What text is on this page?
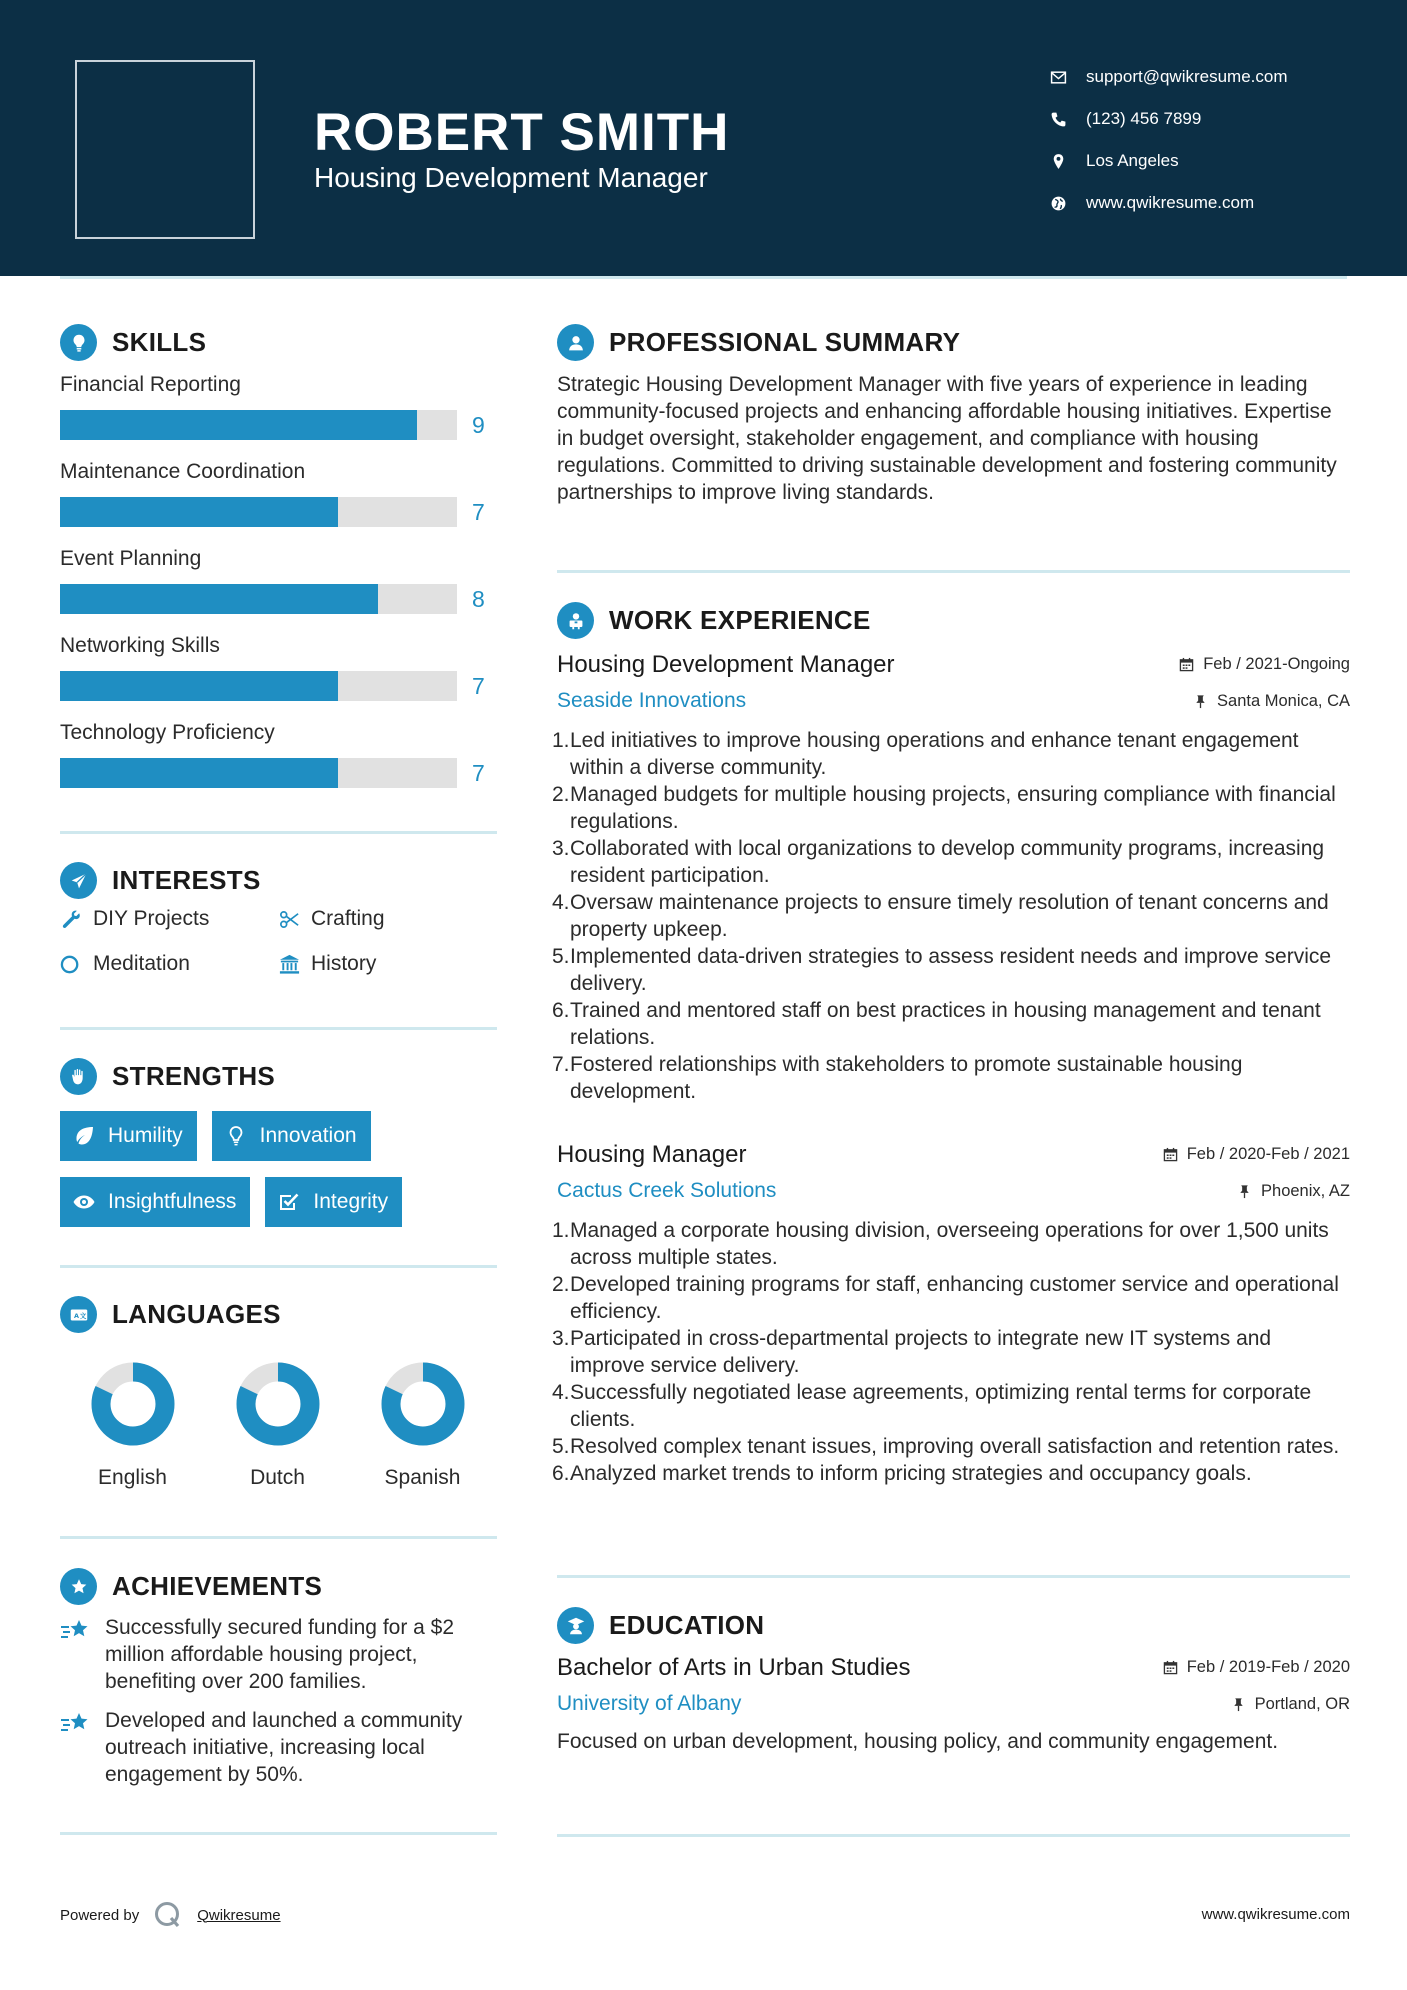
ROBERT SMITH
Housing Development Manager
support@qwikresume.com
(123) 456 7899
Los Angeles
www.qwikresume.com
SKILLS
Financial Reporting
9
Maintenance Coordination
7
Event Planning
8
Networking Skills
7
Technology Proficiency
7
INTERESTS
DIY Projects	Crafting
Meditation	History
STRENGTHS
Humility	Innovation
Insightfulness	Integrity
A 文 LANGUAGES
English	Dutch	Spanish
ACHIEVEMENTS
Successfully secured funding for a $2 million affordable housing project, benefiting over 200 families.
Developed and launched a community outreach initiative, increasing local engagement by 50%.
PROFESSIONAL SUMMARY
Strategic Housing Development Manager with five years of experience in leading community-focused projects and enhancing affordable housing initiatives. Expertise in budget oversight, stakeholder engagement, and compliance with housing regulations. Committed to driving sustainable development and fostering community partnerships to improve living standards.
WORK EXPERIENCE
Housing Development Manager	Feb / 2021-Ongoing
Seaside Innovations	Santa Monica, CA
1. Led initiatives to improve housing operations and enhance tenant engagement within a diverse community.
2. Managed budgets for multiple housing projects, ensuring compliance with financial regulations.
3. Collaborated with local organizations to develop community programs, increasing resident participation.
4. Oversaw maintenance projects to ensure timely resolution of tenant concerns and property upkeep.
5. Implemented data-driven strategies to assess resident needs and improve service delivery.
6. Trained and mentored staff on best practices in housing management and tenant relations.
7. Fostered relationships with stakeholders to promote sustainable housing development.
Housing Manager	Feb / 2020-Feb / 2021
Cactus Creek Solutions	Phoenix, AZ
1. Managed a corporate housing division, overseeing operations for over 1,500 units across multiple states.
2. Developed training programs for staff, enhancing customer service and operational efficiency.
3. Participated in cross-departmental projects to integrate new IT systems and improve service delivery.
4. Successfully negotiated lease agreements, optimizing rental terms for corporate clients.
5. Resolved complex tenant issues, improving overall satisfaction and retention rates.
6. Analyzed market trends to inform pricing strategies and occupancy goals.
EDUCATION
Bachelor of Arts in Urban Studies	Feb / 2019-Feb / 2020
University of Albany	Portland, OR
Focused on urban development, housing policy, and community engagement.
Powered by	Qwikresume	www.qwikresume.com
